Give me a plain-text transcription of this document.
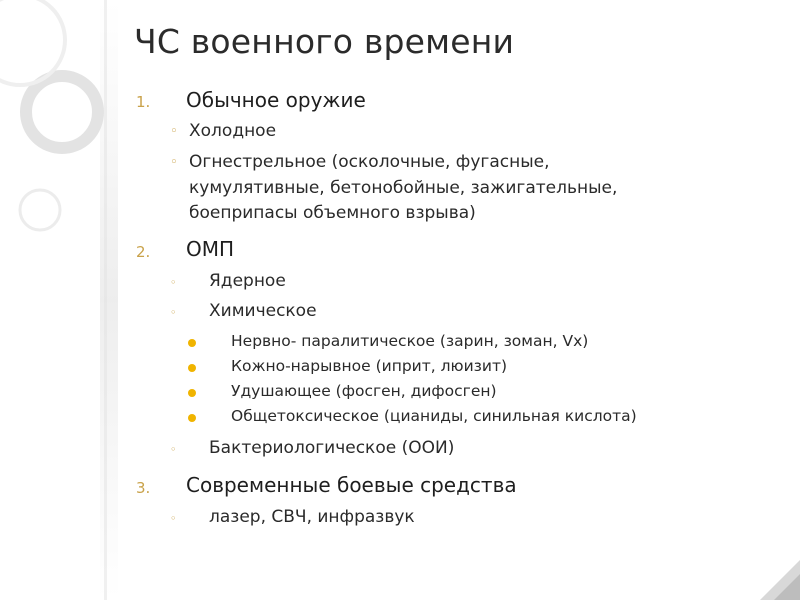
ЧС военного времени
1.	Обычное оружие
◦ Холодное
◦ Огнестрельное (осколочные, фугасные,
кумулятивные, бетонобойные, зажигательные,
боеприпасы объемного взрыва)
2.	ОМП
◦ Ядерное
◦ Химическое
Нервно- паралитическое (зарин, зоман, Vx)
Кожно-нарывное (иприт, люизит)
Удушающее (фосген, дифосген)
Общетоксическое (цианиды, синильная кислота)
◦ Бактериологическое (ООИ)
3.	Современные боевые средства
◦ лазер, СВЧ, инфразвук
